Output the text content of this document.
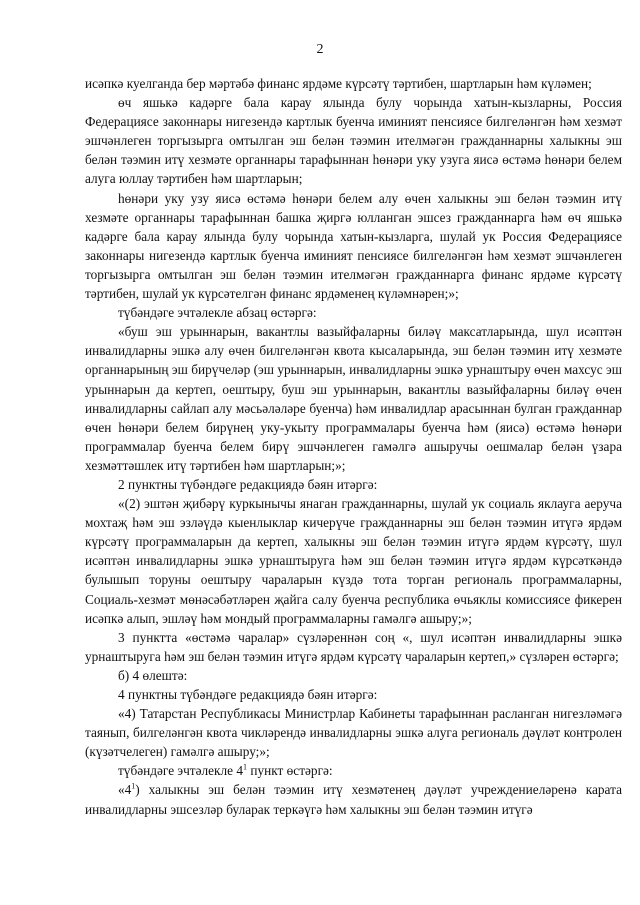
2

исәпкә куелганда бер мәртәбә финанс ярдәме күрсәтү тәртибен, шартларын һәм күләмен;

өч яшькә кадәрге бала карау ялында булу чорында хатын-кызларны, Россия Федерациясе законнары нигезендә картлык буенча иминият пенсиясе билгеләнгән һәм хезмәт эшчәнлеген торгызырга омтылган эш белән тәэмин ителмәгән гражданнарны халыкны эш белән тәэмин итү хезмәте органнары тарафыннан һөнәри уку узуга яисә өстәмә һөнәри белем алуга юллау тәртибен һәм шартларын;

һөнәри уку узу яисә өстәмә һөнәри белем алу өчен халыкны эш белән тәэмин итү хезмәте органнары тарафыннан башка җиргә юлланган эшсез гражданнарга һәм өч яшькә кадәрге бала карау ялында булу чорында хатын-кызларга, шулай ук Россия Федерациясе законнары нигезендә картлык буенча иминият пенсиясе билгеләнгән һәм хезмәт эшчәнлеген торгызырга омтылган эш белән тәэмин ителмәгән гражданнарга финанс ярдәме күрсәтү тәртибен, шулай ук күрсәтелгән финанс ярдәменең күләмнәрен;»;

түбәндәге эчтәлекле абзац өстәргә:

«буш эш урыннарын, вакантлы вазыйфаларны биләү максатларында, шул исәптән инвалидларны эшкә алу өчен билгеләнгән квота кысаларында, эш белән тәэмин итү хезмәте органнарының эш бирүчеләр (эш урыннарын, инвалидларны эшкә урнаштыру өчен махсус эш урыннарын да кертеп, оештыру, буш эш урыннарын, вакантлы вазыйфаларны биләү өчен инвалидларны сайлап алу мәсьәләләре буенча) һәм инвалидлар арасыннан булган гражданнар өчен һөнәри белем бирүнең уку-укыту программалары буенча һәм (яисә) өстәмә һөнәри программалар буенча белем бирү эшчәнлеген гамәлгә ашыручы оешмалар белән үзара хезмәттәшлек итү тәртибен һәм шартларын;»;

2 пунктны түбәндәге редакциядә бәян итәргә:

«(2) эштән җибәрү куркынычы янаган гражданнарны, шулай ук социаль яклауга аеруча мохтаҗ һәм эш эзләүдә кыенлыклар кичерүче гражданнарны эш белән тәэмин итүгә ярдәм күрсәтү программаларын да кертеп, халыкны эш белән тәэмин итүгә ярдәм күрсәтү, шул исәптән инвалидларны эшкә урнаштыруга һәм эш белән тәэмин итүгә ярдәм күрсәткәндә булышып торуны оештыру чараларын күздә тота торган региональ программаларны, Социаль-хезмәт мөнәсәбәтләрен җайга салу буенча республика өчьяклы комиссиясе фикерен исәпкә алып, эшләү һәм мондый программаларны гамәлгә ашыру;»;

3 пунктта «өстәмә чаралар» сүзләреннән соң «, шул исәптән инвалидларны эшкә урнаштыруга һәм эш белән тәэмин итүгә ярдәм күрсәтү чараларын кертеп,» сүзләрен өстәргә;

б) 4 өлештә:

4 пунктны түбәндәге редакциядә бәян итәргә:

«4) Татарстан Республикасы Министрлар Кабинеты тарафыннан расланган нигезләмәгә таянып, билгеләнгән квота чикләрендә инвалидларны эшкә алуга региональ дәүләт контролен (күзәтчелеген) гамәлгә ашыру;»;

түбәндәге эчтәлекле $4^1$ пункт өстәргә:

«$4^1$) халыкны эш белән тәэмин итү хезмәтенең дәүләт учреждениеләренә карата инвалидларны эшсезләр буларак теркәүгә һәм халыкны эш белән тәэмин итүгә
